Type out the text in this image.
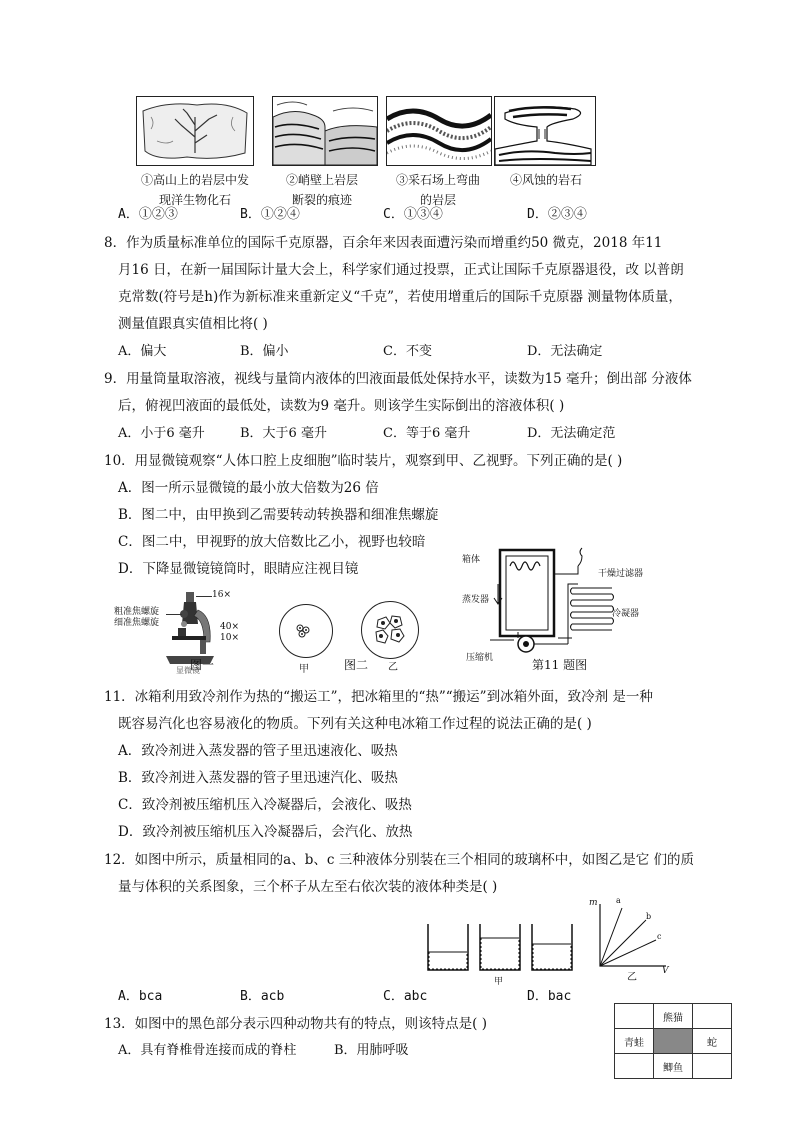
①高山上的岩层中发现洋生物化石
②峭壁上岩层断裂的痕迹
③采石场上弯曲的岩层
④风蚀的岩石
A．①②③	B．①②④	C．①③④	D．②③④
8．作为质量标准单位的国际千克原器，百余年来因表面遭污染而增重约50 微克，2018 年11
月16 日，在新一届国际计量大会上，科学家们通过投票，正式让国际千克原器退役，改 以普朗
克常数(符号是h)作为新标准来重新定义“千克”，若使用增重后的国际千克原器 测量物体质量，
测量值跟真实值相比将( )
A．偏大	B．偏小	C．不变	D．无法确定
9．用量筒量取溶液，视线与量筒内液体的凹液面最低处保持水平，读数为15 毫升；倒出部 分液体
后，俯视凹液面的最低处，读数为9 毫升。则该学生实际倒出的溶液体积( )
A．小于6 毫升	B．大于6 毫升	C．等于6 毫升	D．无法确定范
10．用显微镜观察“人体口腔上皮细胞”临时装片，观察到甲、乙视野。下列正确的是( )
A．图一所示显微镜的最小放大倍数为26 倍
B．图二中，由甲换到乙需要转动转换器和细准焦螺旋
C．图二中，甲视野的放大倍数比乙小，视野也较暗
D．下降显微镜镜筒时，眼睛应注视目镜
16×
粗准焦螺旋
细准焦螺旋	40×
10×
显微镜
图一	甲	图二 乙
箱体
蒸发器
干燥过滤器
冷凝器
压缩机	第11 题图
11．冰箱利用致冷剂作为热的“搬运工”，把冰箱里的“热”“搬运”到冰箱外面，致冷剂 是一种
既容易汽化也容易液化的物质。下列有关这种电冰箱工作过程的说法正确的是( )
A．致冷剂进入蒸发器的管子里迅速液化、吸热
B．致冷剂进入蒸发器的管子里迅速汽化、吸热
C．致冷剂被压缩机压入冷凝器后，会液化、吸热
D．致冷剂被压缩机压入冷凝器后，会汽化、放热
12．如图中所示，质量相同的a、b、c 三种液体分别装在三个相同的玻璃杯中，如图乙是它 们的质
量与体积的关系图象，三个杯子从左至右依次装的液体种类是( )
甲
m
V
a
b
c
乙
A．bca	B．acb	C．abc	D．bac
13．如图中的黑色部分表示四种动物共有的特点，则该特点是( )
A．具有脊椎骨连接而成的脊柱	B．用肺呼吸
	熊猫	
青蛙		蛇
	鲫鱼	
